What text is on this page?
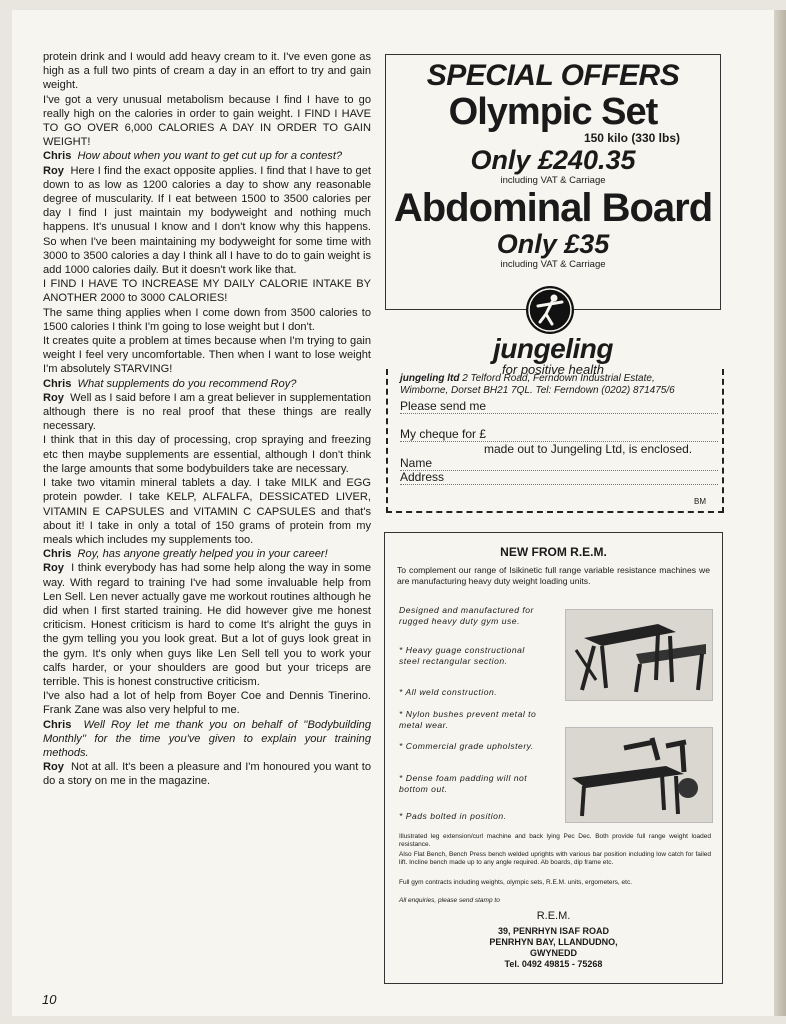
protein drink and I would add heavy cream to it. I've even gone as high as a full two pints of cream a day in an effort to try and gain weight.

I've got a very unusual metabolism because I find I have to go really high on the calories in order to gain weight. I FIND I HAVE TO GO OVER 6,000 CALORIES A DAY IN ORDER TO GAIN WEIGHT!

Chris How about when you want to get cut up for a contest?

Roy Here I find the exact opposite applies. I find that I have to get down to as low as 1200 calories a day to show any reasonable degree of muscularity. If I eat between 1500 to 3500 calories per day I find I just maintain my bodyweight and nothing much happens. It's unusual I know and I don't know why this happens. So when I've been maintaining my bodyweight for some time with 3000 to 3500 calories a day I think all I have to do to gain weight is add 1000 calories daily. But it doesn't work like that.

I FIND I HAVE TO INCREASE MY DAILY CALORIE INTAKE BY ANOTHER 2000 to 3000 CALORIES!

The same thing applies when I come down from 3500 calories to 1500 calories I think I'm going to lose weight but I don't.

It creates quite a problem at times because when I'm trying to gain weight I feel very uncomfortable. Then when I want to lose weight I'm absolutely STARVING!

Chris What supplements do you recommend Roy?

Roy Well as I said before I am a great believer in supplementation although there is no real proof that these things are really necessary.

I think that in this day of processing, crop spraying and freezing etc then maybe supplements are essential, although I don't think the large amounts that some bodybuilders take are necessary.

I take two vitamin mineral tablets a day. I take MILK and EGG protein powder. I take KELP, ALFALFA, DESSICATED LIVER, VITAMIN E CAPSULES and VITAMIN C CAPSULES and that's about it! I take in only a total of 150 grams of protein from my meals which includes my supplements too.

Chris Roy, has anyone greatly helped you in your career!

Roy I think everybody has had some help along the way in some way. With regard to training I've had some invaluable help from Len Sell. Len never actually gave me workout routines although he did when I first started training. He did however give me honest criticism. Honest criticism is hard to come It's alright the guys in the gym telling you you look great. But a lot of guys look great in the gym. It's only when guys like Len Sell tell you to work your calfs harder, or your shoulders are good but your triceps are terrible. This is honest constructive criticism.

I've also had a lot of help from Boyer Coe and Dennis Tinerino. Frank Zane was also very helpful to me.

Chris Well Roy let me thank you on behalf of ''Bodybuilding Monthly'' for the time you've given to explain your training methods.

Roy Not at all. It's been a pleasure and I'm honoured you want to do a story on me in the magazine.

10
SPECIAL OFFERS
Olympic Set
150 kilo (330 lbs)
Only £240.35
including VAT & Carriage
Abdominal Board
Only £35
including VAT & Carriage
jungeling
for positive health
jungeling ltd 2 Telford Road, Ferndown Industrial Estate,
Wimborne, Dorset BH21 7QL. Tel: Ferndown (0202) 871475/6
Please send me
My cheque for £
made out to Jungeling Ltd, is enclosed.
Name
Address
BM
NEW FROM R.E.M.
To complement our range of Isikinetic full range variable resistance machines we are manufacturing heavy duty weight loading units.
Designed and manufactured for rugged heavy duty gym use.
* Heavy guage constructional steel rectangular section.
* All weld construction.
* Nylon bushes prevent metal to metal wear.
* Commercial grade upholstery.
* Dense foam padding will not bottom out.
* Pads bolted in position.
Illustrated leg extension/curl machine and back lying Pec Dec. Both provide full range weight loaded resistance.
Also Flat Bench, Bench Press bench welded uprights with various bar position including low catch for failed lift. Incline bench made up to any angle required. Ab boards, dip frame etc.
Full gym contracts including weights, olympic sets, R.E.M. units, ergometers, etc.
All enquiries, please send stamp to
R.E.M.
39, PENRHYN ISAF ROAD
PENRHYN BAY, LLANDUDNO,
GWYNEDD
Tel. 0492 49815 - 75268
